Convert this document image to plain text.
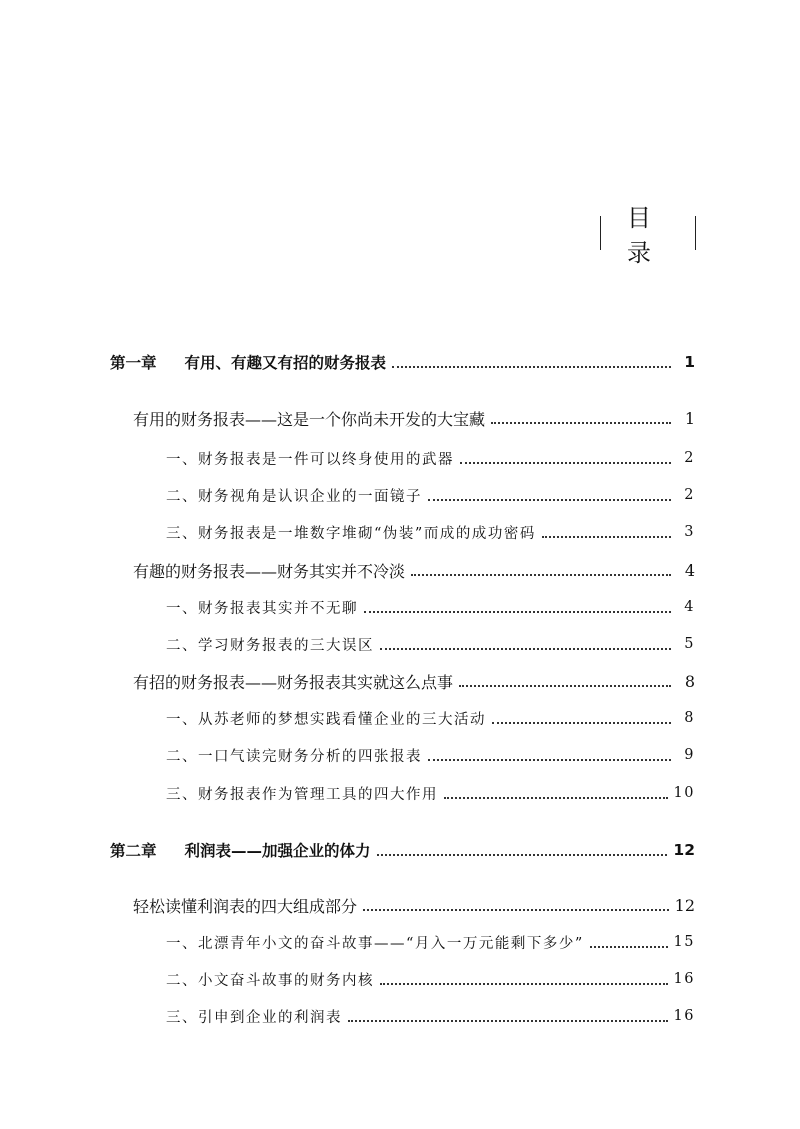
目录
第一章 有用、有趣又有招的财务报表	1
有用的财务报表——这是一个你尚未开发的大宝藏	1
一、财务报表是一件可以终身使用的武器	2
二、财务视角是认识企业的一面镜子	2
三、财务报表是一堆数字堆砌“伪装”而成的成功密码	3
有趣的财务报表——财务其实并不冷淡	4
一、财务报表其实并不无聊	4
二、学习财务报表的三大误区	5
有招的财务报表——财务报表其实就这么点事	8
一、从苏老师的梦想实践看懂企业的三大活动	8
二、一口气读完财务分析的四张报表	9
三、财务报表作为管理工具的四大作用	10
第二章 利润表——加强企业的体力	12
轻松读懂利润表的四大组成部分	12
一、北漂青年小文的奋斗故事——“月入一万元能剩下多少”	15
二、小文奋斗故事的财务内核	16
三、引申到企业的利润表	16
